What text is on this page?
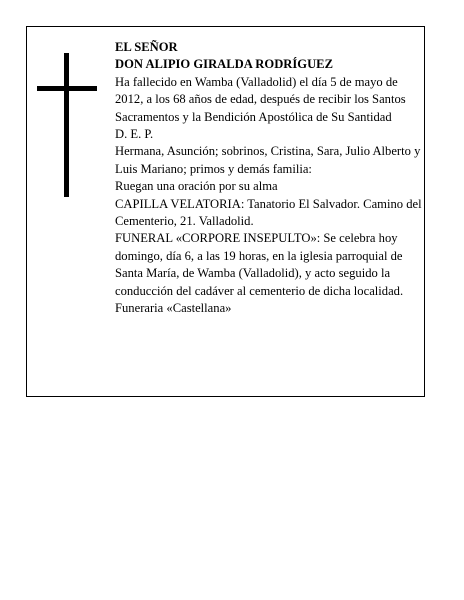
EL SEÑOR

DON ALIPIO GIRALDA RODRÍGUEZ

Ha fallecido en Wamba (Valladolid) el día 5 de mayo de 2012, a los 68 años de edad, después de recibir los Santos Sacramentos y la Bendición Apostólica de Su Santidad

D. E. P.

Hermana, Asunción; sobrinos, Cristina, Sara, Julio Alberto y Luis Mariano; primos y demás familia:

Ruegan una oración por su alma

CAPILLA VELATORIA: Tanatorio El Salvador. Camino del Cementerio, 21. Valladolid.

FUNERAL «CORPORE INSEPULTO»: Se celebra hoy domingo, día 6, a las 19 horas, en la iglesia parroquial de Santa María, de Wamba (Valladolid), y acto seguido la conducción del cadáver al cementerio de dicha localidad.

Funeraria «Castellana»
